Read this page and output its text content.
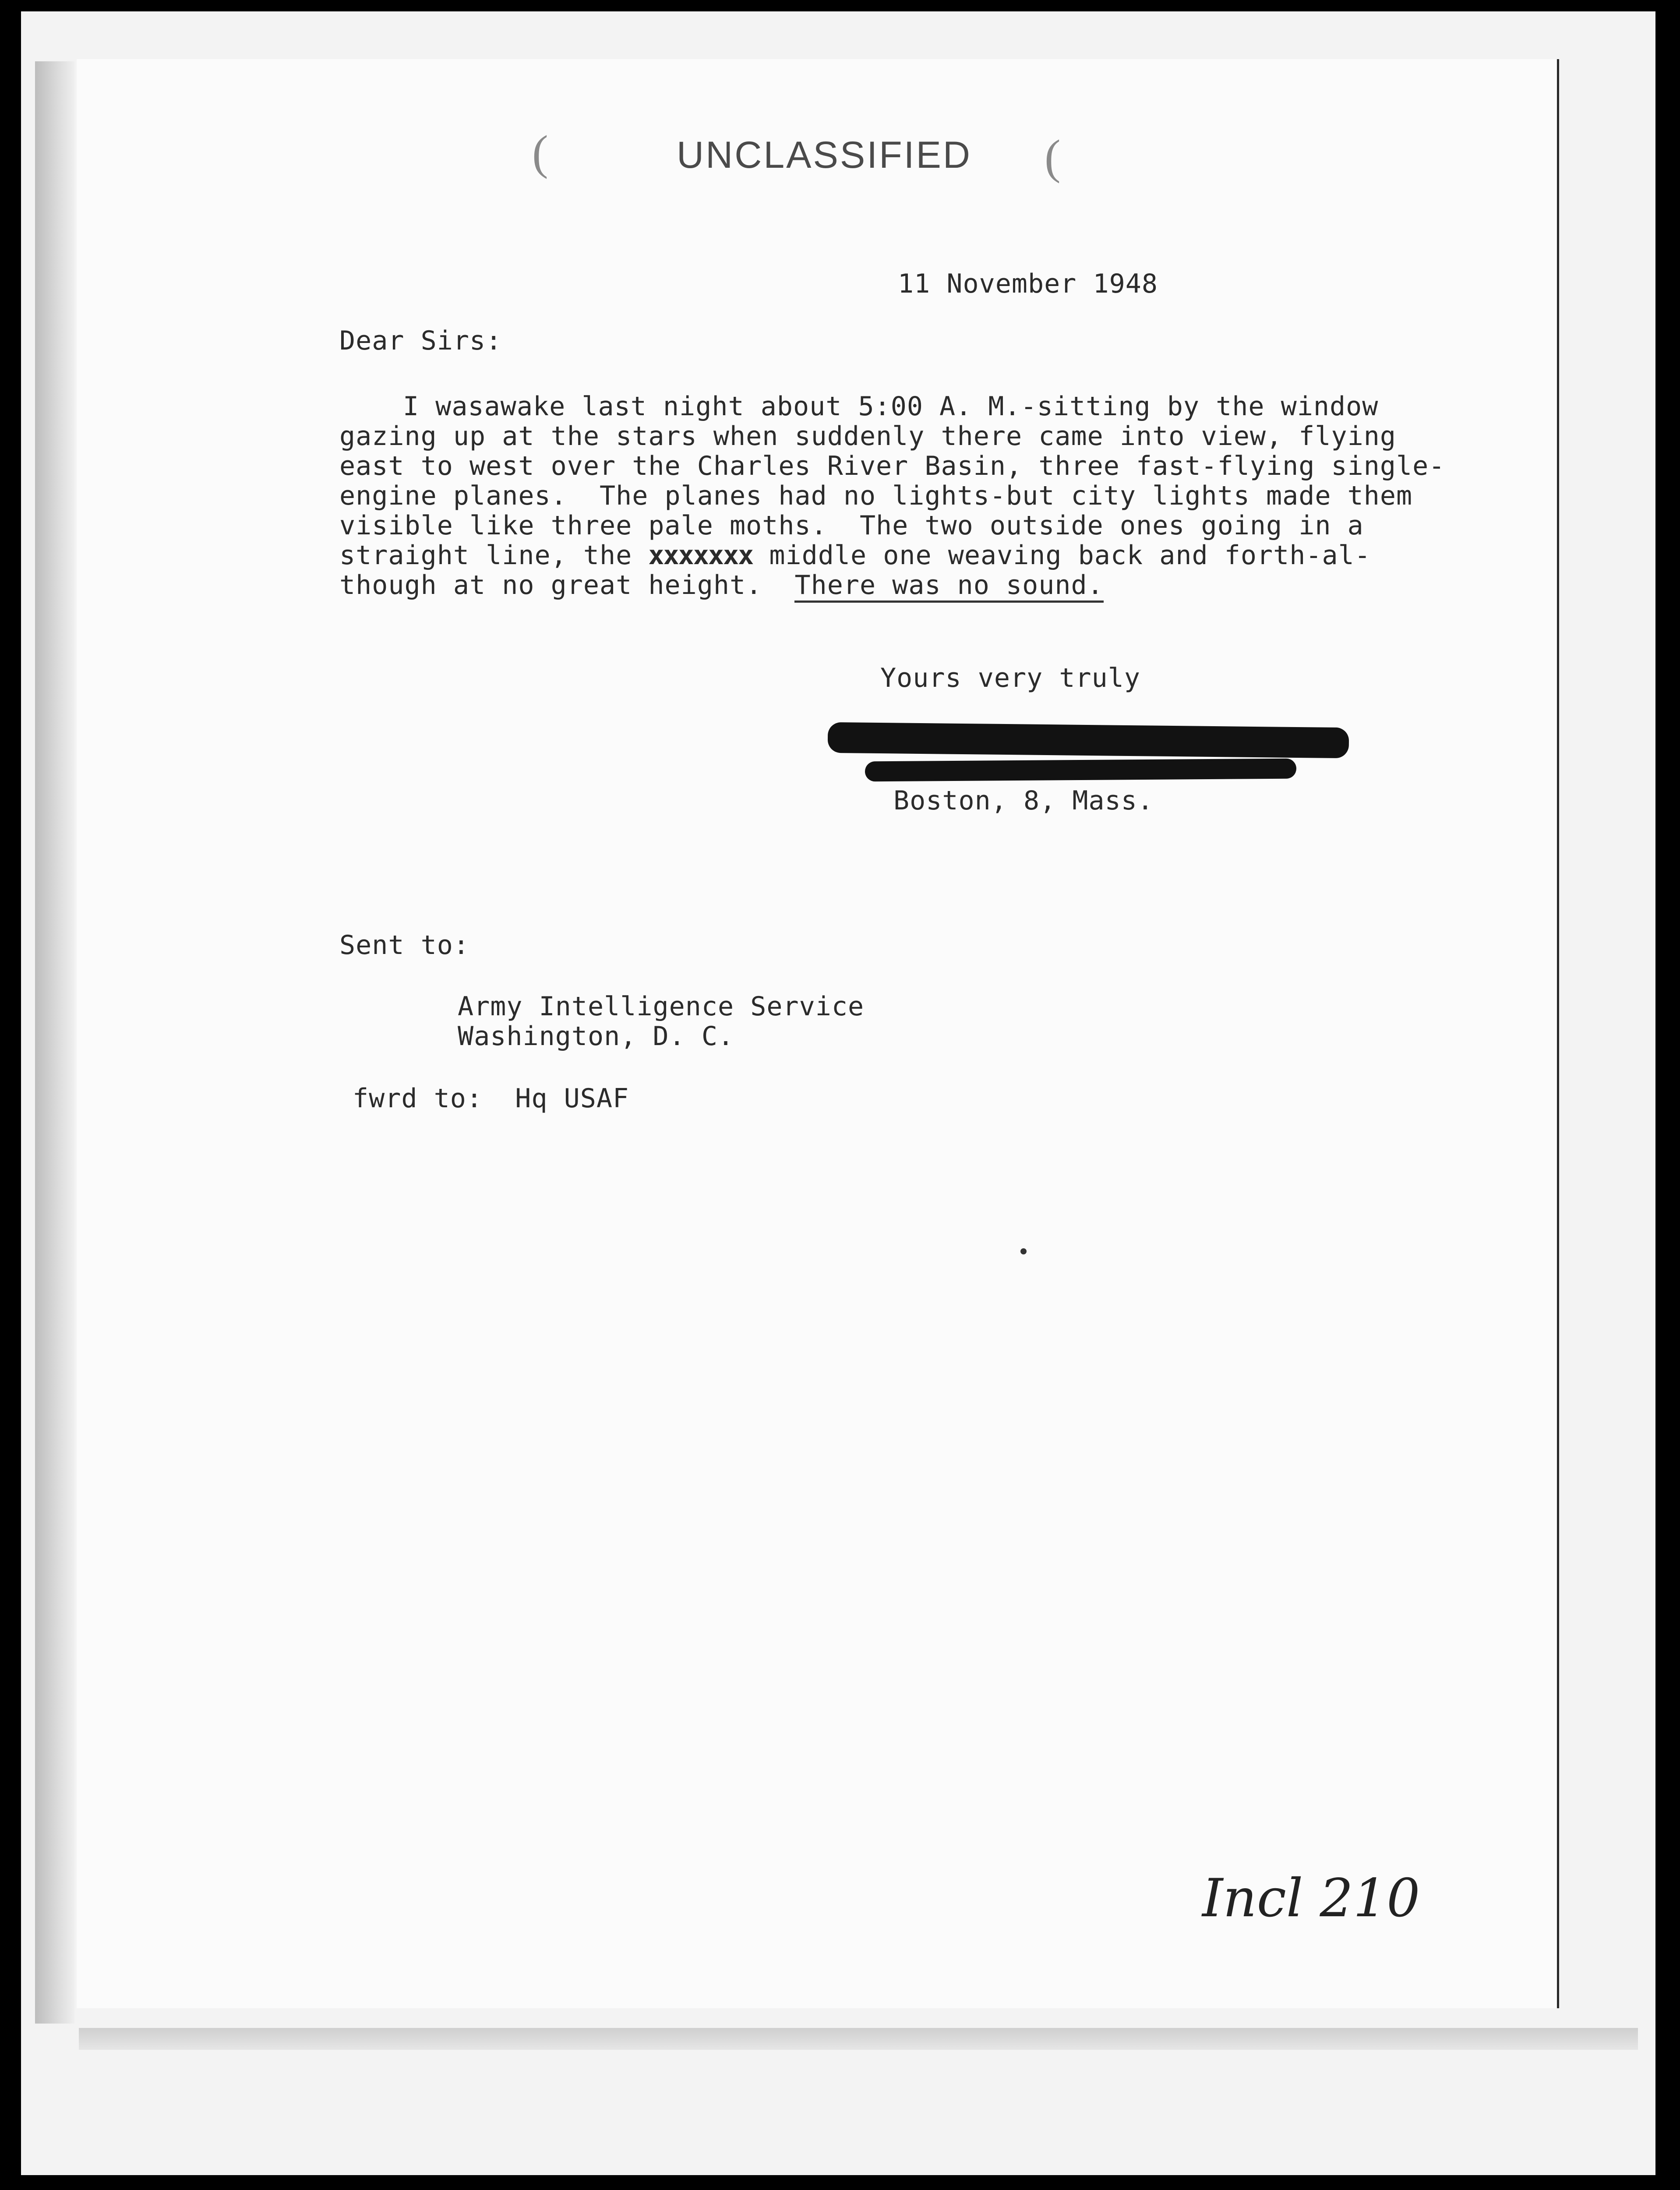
(	UNCLASSIFIED (
11 November 1948
Dear Sirs:
I wasawake last night about 5:00 A. M.-sitting by the window
gazing up at the stars when suddenly there came into view, flying
east to west over the Charles River Basin, three fast-flying single-
engine planes.  The planes had no lights-but city lights made them
visible like three pale moths.  The two outside ones going in a
straight line, the xxxxxxx middle one weaving back and forth-al-
though at no great height.  There was no sound.
Yours very truly
Boston, 8, Mass.
Sent to:
Army Intelligence Service
Washington, D. C.
fwrd to:  Hq USAF
Incl 210
